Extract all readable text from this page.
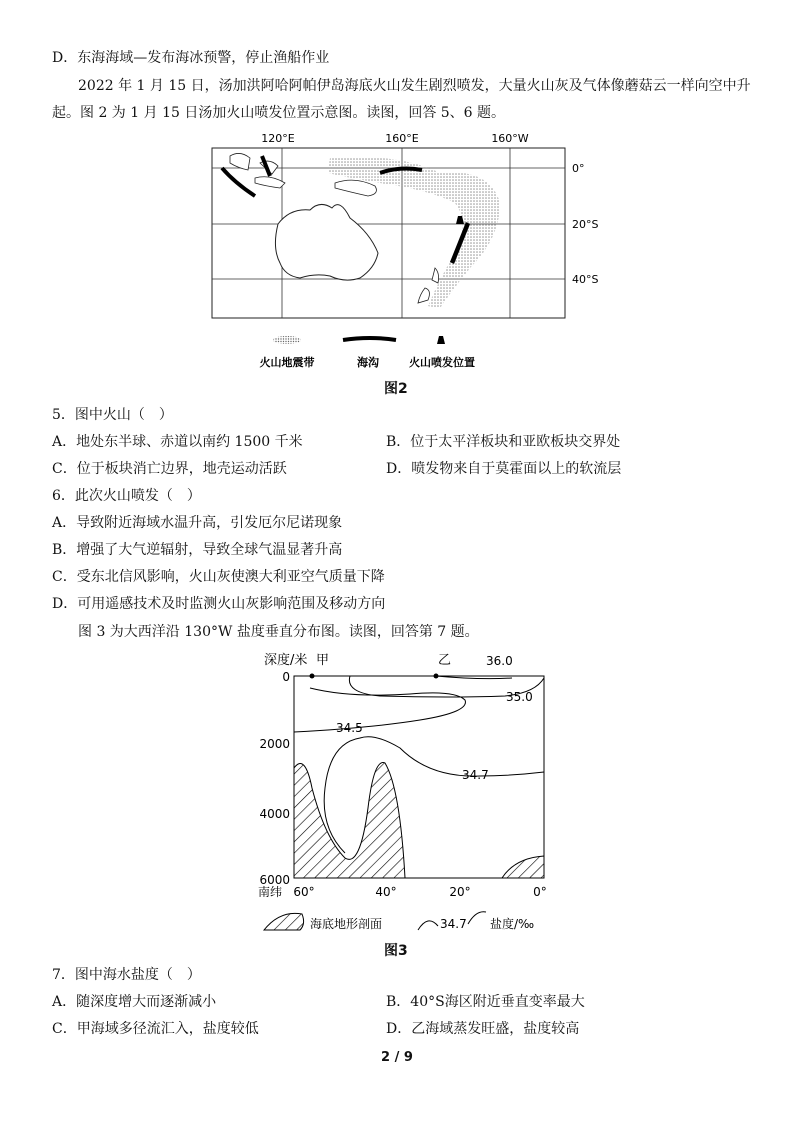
D．东海海域—发布海冰预警，停止渔船作业
2022 年 1 月 15 日，汤加洪阿哈阿帕伊岛海底火山发生剧烈喷发，大量火山灰及气体像蘑菇云一样向空中升
起。图 2 为 1 月 15 日汤加火山喷发位置示意图。读图，回答 5、6 题。
120°E	160°E	160°W
0°
20°S
40°S
火山地震带	海沟	火山喷发位置
图2
5．图中火山（　）
A．地处东半球、赤道以南约 1500 千米	B．位于太平洋板块和亚欧板块交界处
C．位于板块消亡边界，地壳运动活跃	D．喷发物来自于莫霍面以上的软流层
6．此次火山喷发（　）
A．导致附近海域水温升高，引发厄尔尼诺现象
B．增强了大气逆辐射，导致全球气温显著升高
C．受东北信风影响，火山灰使澳大利亚空气质量下降
D．可用遥感技术及时监测火山灰影响范围及移动方向
图 3 为大西洋沿 130°W 盐度垂直分布图。读图，回答第 7 题。
深度/米 甲	乙	36.0
35.0
34.5
34.7
0
2000
4000
6000
南纬 60°	40°	20°	0°
海底地形剖面	34.7 盐度/‰
图3
7．图中海水盐度（　）
A．随深度增大而逐渐减小	B．40°S海区附近垂直变率最大
C．甲海域多径流汇入，盐度较低	D．乙海域蒸发旺盛，盐度较高
2 / 9
